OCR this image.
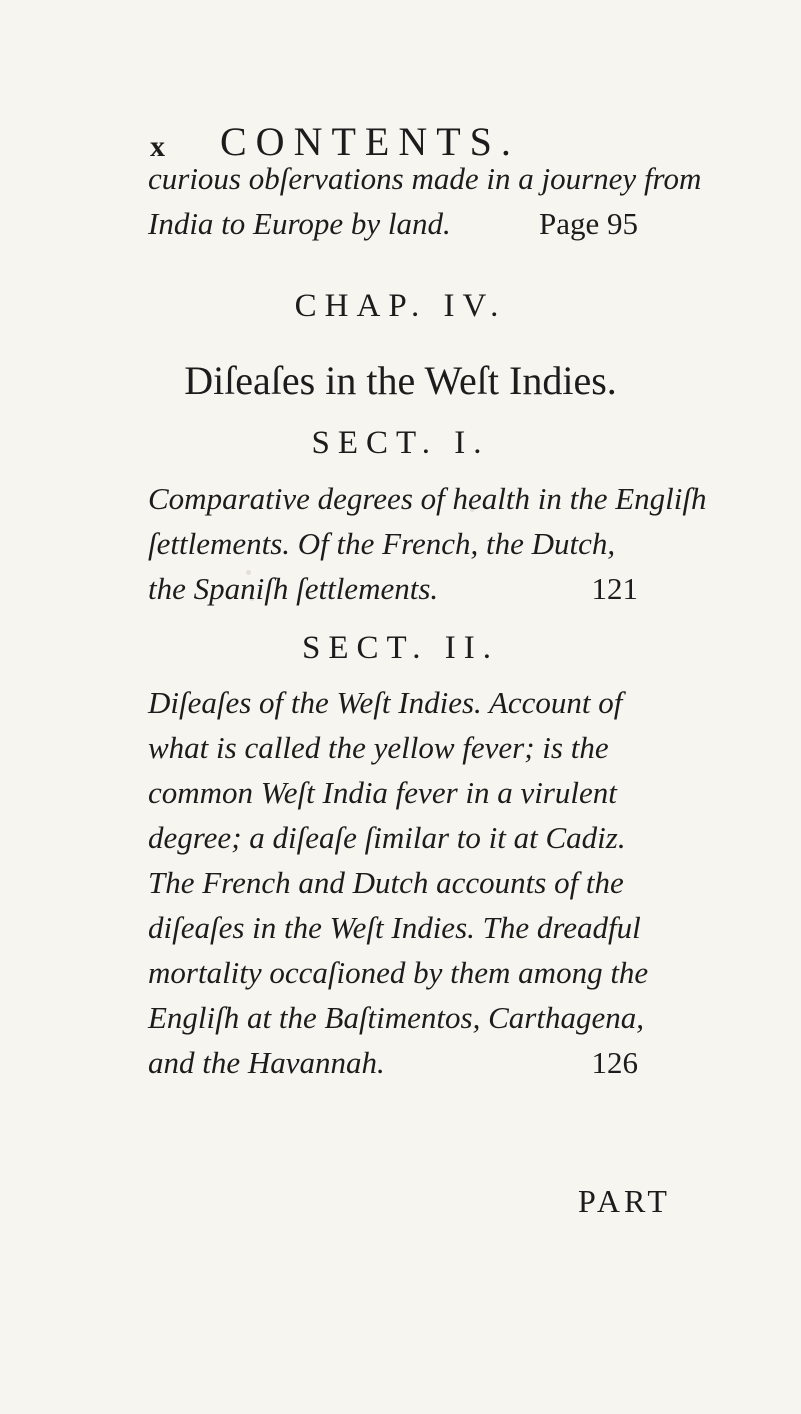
x CONTENTS.
curious obſervations made in a journey from
India to Europe by land.	Page 95
CHAP. IV.
Diſeaſes in the Weſt Indies.
SECT. I.
Comparative degrees of health in the Engliſh
ſettlements. Of the French, the Dutch,
the Spaniſh ſettlements.	121
SECT. II.
Diſeaſes of the Weſt Indies. Account of
what is called the yellow fever; is the
common Weſt India fever in a virulent
degree; a diſeaſe ſimilar to it at Cadiz.
The French and Dutch accounts of the
diſeaſes in the Weſt Indies. The dreadful
mortality occaſioned by them among the
Engliſh at the Baſtimentos, Carthagena,
and the Havannah.	126
PART
